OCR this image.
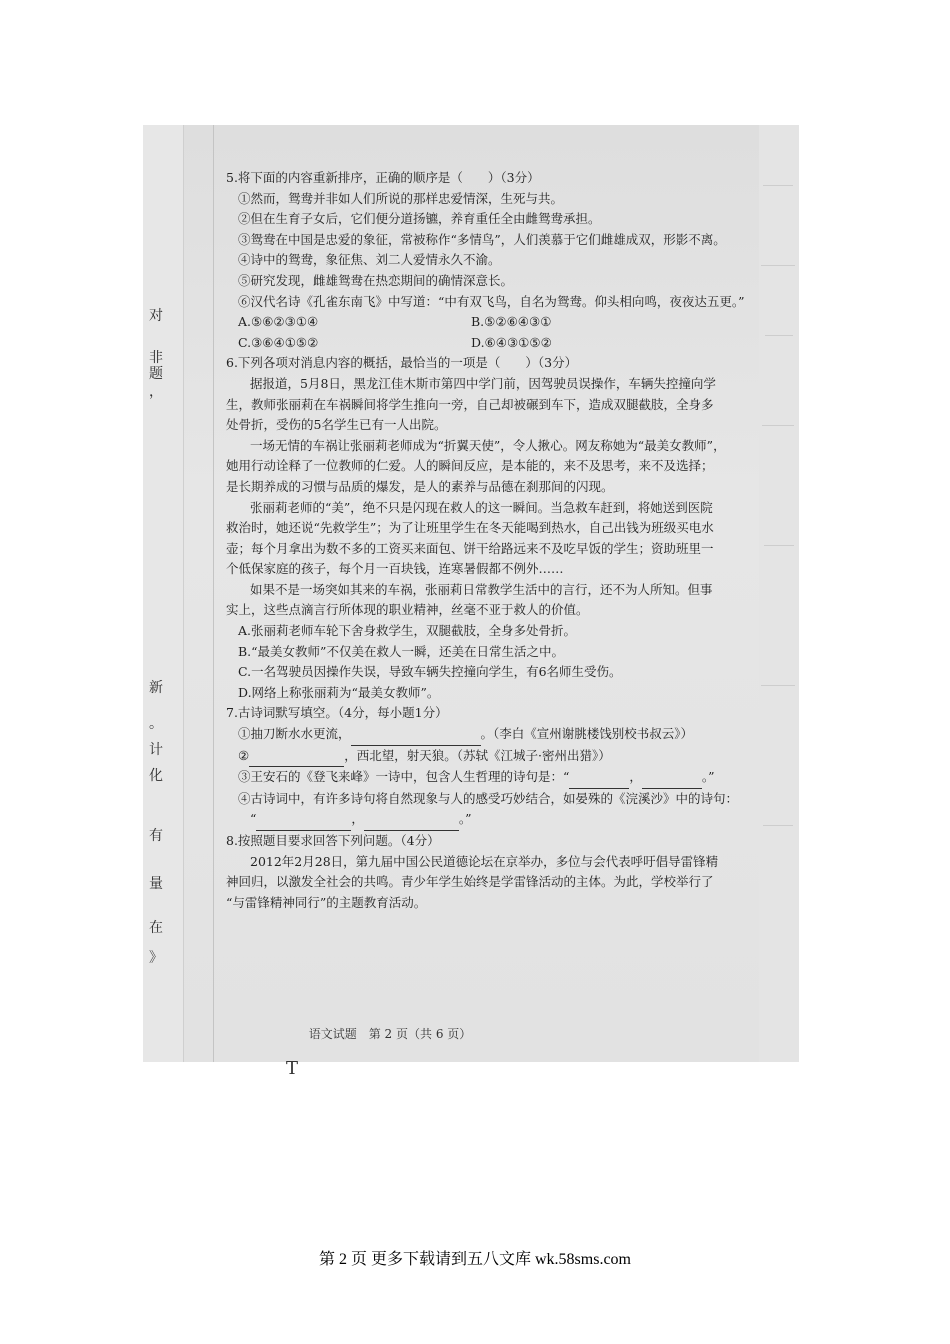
对
非
题
，
新
。
计
化
有
量
在
》

5.将下面的内容重新排序，正确的顺序是（　　）（3分）

①然而，鸳鸯并非如人们所说的那样忠爱情深，生死与共。

②但在生育子女后，它们便分道扬镳，养育重任全由雌鸳鸯承担。

③鸳鸯在中国是忠爱的象征，常被称作“多情鸟”，人们羡慕于它们雌雄成双，形影不离。

④诗中的鸳鸯，象征焦、刘二人爱情永久不渝。

⑤研究发现，雌雄鸳鸯在热恋期间的确情深意长。

⑥汉代名诗《孔雀东南飞》中写道：“中有双飞鸟，自名为鸳鸯。仰头相向鸣，夜夜达五更。”

A.⑤⑥②③①④	B.⑤②⑥④③①

C.③⑥④①⑤②	D.⑥④③①⑤②

6.下列各项对消息内容的概括，最恰当的一项是（　　）（3分）

据报道，5月8日，黑龙江佳木斯市第四中学门前，因驾驶员误操作，车辆失控撞向学

生，教师张丽莉在车祸瞬间将学生推向一旁，自己却被碾到车下，造成双腿截肢，全身多

处骨折，受伤的5名学生已有一人出院。

一场无情的车祸让张丽莉老师成为“折翼天使”，令人揪心。网友称她为“最美女教师”，

她用行动诠释了一位教师的仁爱。人的瞬间反应，是本能的，来不及思考，来不及选择；

是长期养成的习惯与品质的爆发，是人的素养与品德在刹那间的闪现。

张丽莉老师的“美”，绝不只是闪现在救人的这一瞬间。当急救车赶到，将她送到医院

救治时，她还说“先救学生”；为了让班里学生在冬天能喝到热水，自己出钱为班级买电水

壶；每个月拿出为数不多的工资买来面包、饼干给路远来不及吃早饭的学生；资助班里一

个低保家庭的孩子，每个月一百块钱，连寒暑假都不例外……

如果不是一场突如其来的车祸，张丽莉日常教学生活中的言行，还不为人所知。但事

实上，这些点滴言行所体现的职业精神，丝毫不亚于救人的价值。

A.张丽莉老师车轮下舍身救学生，双腿截肢，全身多处骨折。

B.“最美女教师”不仅美在救人一瞬，还美在日常生活之中。

C.一名驾驶员因操作失误，导致车辆失控撞向学生，有6名师生受伤。

D.网络上称张丽莉为“最美女教师”。

7.古诗词默写填空。（4分，每小题1分）

①抽刀断水水更流，	。（李白《宣州谢朓楼饯别校书叔云》）

②	，西北望，射天狼。（苏轼《江城子·密州出猎》）

③王安石的《登飞来峰》一诗中，包含人生哲理的诗句是：“	，	。”

④古诗词中，有许多诗句将自然现象与人的感受巧妙结合，如晏殊的《浣溪沙》中的诗句：

“	，	。”

8.按照题目要求回答下列问题。（4分）

2012年2月28日，第九届中国公民道德论坛在京举办，多位与会代表呼吁倡导雷锋精

神回归，以激发全社会的共鸣。青少年学生始终是学雷锋活动的主体。为此，学校举行了

“与雷锋精神同行”的主题教育活动。

语文试题　第 2 页（共 6 页）
T
第 2 页 更多下载请到五八文库 wk.58sms.com
